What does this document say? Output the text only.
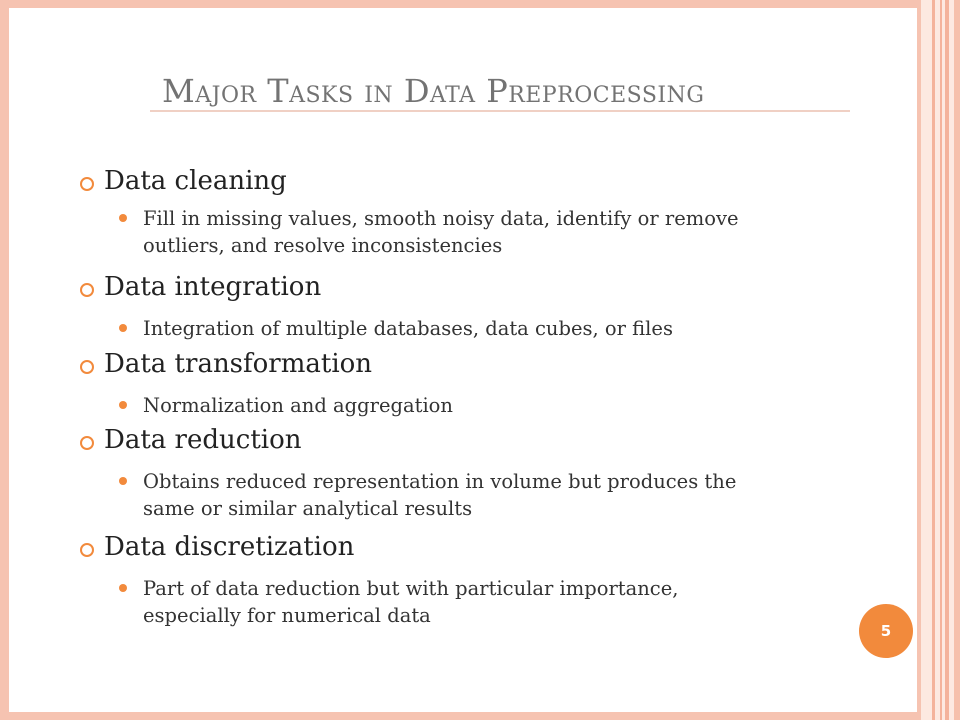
Major Tasks in Data Preprocessing
Data cleaning
Fill in missing values, smooth noisy data, identify or remove
outliers, and resolve inconsistencies
Data integration
Integration of multiple databases, data cubes, or files
Data transformation
Normalization and aggregation
Data reduction
Obtains reduced representation in volume but produces the
same or similar analytical results
Data discretization
Part of data reduction but with particular importance,
especially for numerical data
5
